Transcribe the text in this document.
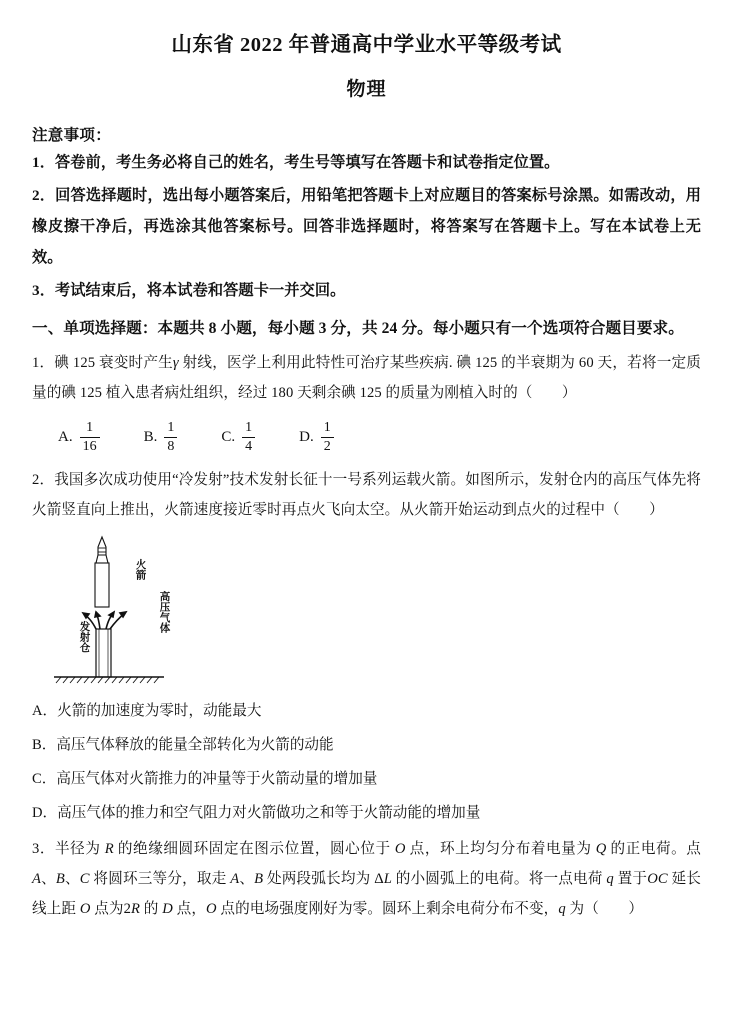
山东省 2022 年普通高中学业水平等级考试
物理
注意事项：
1．答卷前，考生务必将自己的姓名，考生号等填写在答题卡和试卷指定位置。
2．回答选择题时，选出每小题答案后，用铅笔把答题卡上对应题目的答案标号涂黑。如需改动，用橡皮擦干净后，再选涂其他答案标号。回答非选择题时，将答案写在答题卡上。写在本试卷上无效。
3．考试结束后，将本试卷和答题卡一并交回。
一、单项选择题：本题共 8 小题，每小题 3 分，共 24 分。每小题只有一个选项符合题目要求。
1．碘 125 衰变时产生γ 射线，医学上利用此特性可治疗某些疾病. 碘 125 的半衰期为 60 天，若将一定质量的碘 125 植入患者病灶组织，经过 180 天剩余碘 125 的质量为刚植入时的（　　）
A. $\frac{1}{16}$	B. $\frac{1}{8}$	C. $\frac{1}{4}$	D. $\frac{1}{2}$
2．我国多次成功使用“冷发射”技术发射长征十一号系列运载火箭。如图所示，发射仓内的高压气体先将火箭竖直向上推出，火箭速度接近零时再点火飞向太空。从火箭开始运动到点火的过程中（　　）
火箭
高压气体
发射仓
A．火箭的加速度为零时，动能最大
B．高压气体释放的能量全部转化为火箭的动能
C．高压气体对火箭推力的冲量等于火箭动量的增加量
D．高压气体的推力和空气阻力对火箭做功之和等于火箭动能的增加量
3．半径为 R 的绝缘细圆环固定在图示位置，圆心位于 O 点，环上均匀分布着电量为 Q 的正电荷。点 A、B、C 将圆环三等分，取走 A、B 处两段弧长均为 ΔL 的小圆弧上的电荷。将一点电荷 q 置于OC 延长线上距 O 点为2R 的 D 点，O 点的电场强度刚好为零。圆环上剩余电荷分布不变，q 为（　　）
